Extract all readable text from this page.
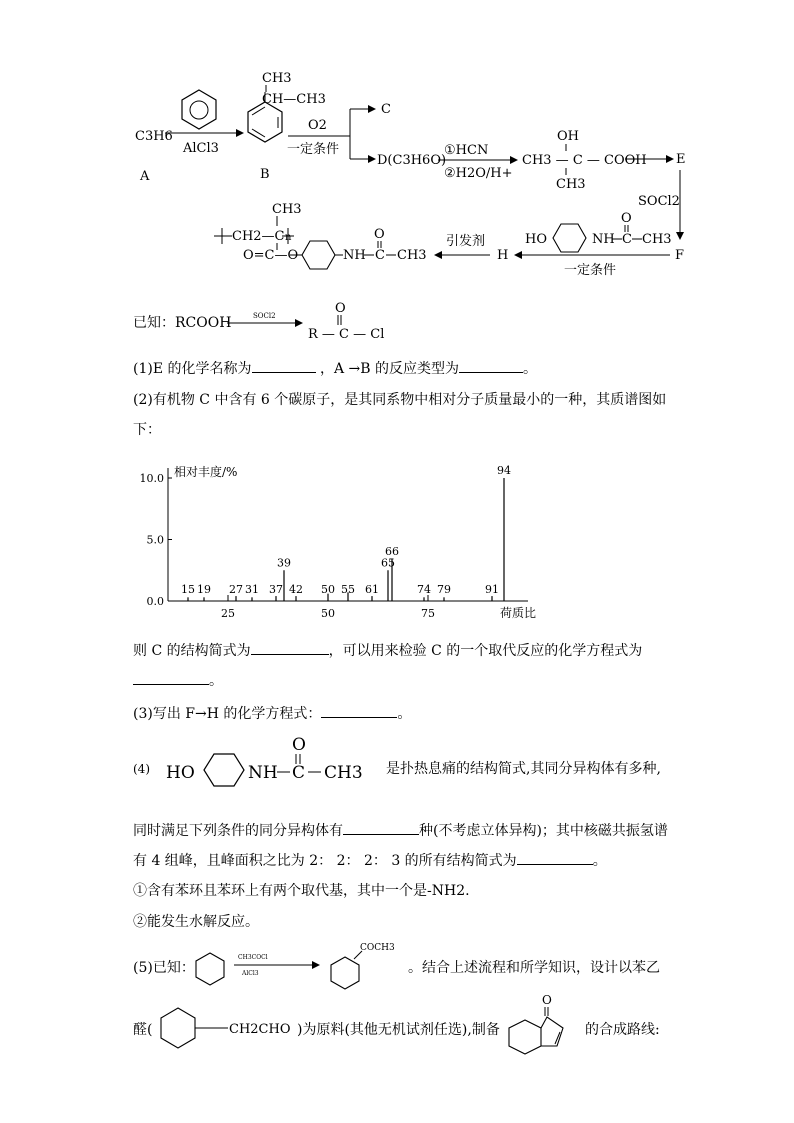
C3H6
A
AlCl3
CH3
CH—CH3
B
O2
一定条件
C
D(C3H6O)
①HCN
②H2O/H+
OH
CH3 — C — COOH
CH3
E
SOCl2
F
一定条件
HO	NH C
O
CH3
H
引发剂
CH3
CH2—C n
O=C—O	NH C
O
CH3
已知：RCOOH	SOCl2	O
R — C — Cl
(1)E 的化学名称为	，A →B 的反应类型为	。
(2)有机物 C 中含有 6 个碳原子，是其同系物中相对分子质量最小的一种，其质谱图如
下：
0.0
5.0
10.0
25	50	75
相对丰度/%
荷质比
15 19 27 31 37
39
42 50 55 61
65
66
74 79	91
94
则 C 的结构简式为	，可以用来检验 C 的一个取代反应的化学方程式为
。
(3)写出 F→H 的化学方程式：	。
(4) HO	NH C
O
CH3 是扑热息痛的结构简式,其同分异构体有多种,
同时满足下列条件的同分异构体有	种(不考虑立体异构)；其中核磁共振氢谱
有 4 组峰，且峰面积之比为 2： 2： 2： 3 的所有结构简式为	。
①含有苯环且苯环上有两个取代基，其中一个是-NH2.
②能发生水解反应。
(5)已知：
CH3COCl
AlCl3
COCH3
。结合上述流程和所学知识，设计以苯乙
醛(	CH2CHO )为原料(其他无机试剂任选),制备
O
的合成路线:
